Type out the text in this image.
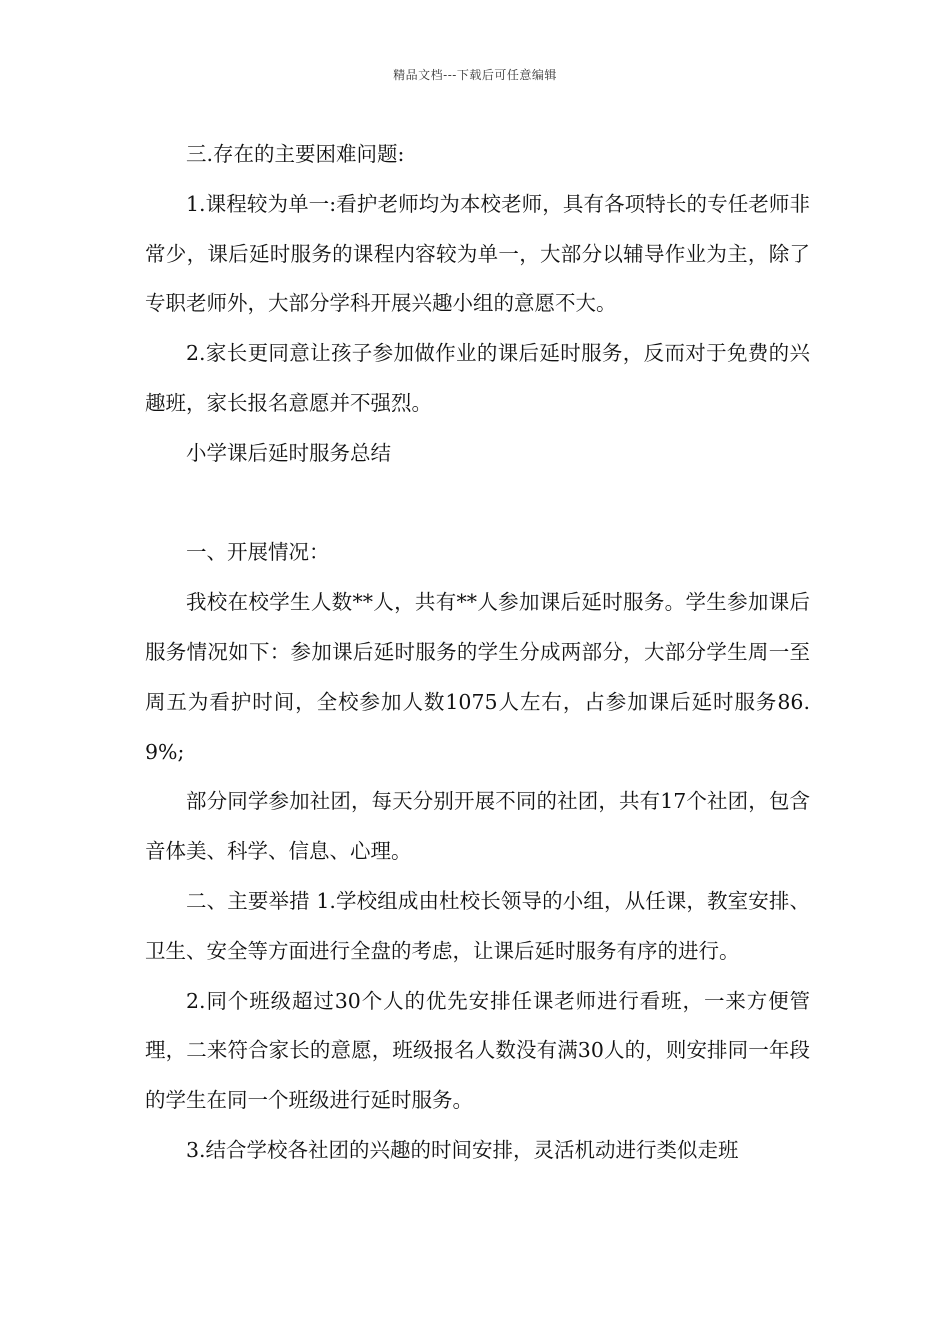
精品文档---下载后可任意编辑

三.存在的主要困难问题:

1.课程较为单一:看护老师均为本校老师，具有各项特长的专任老师非常少，课后延时服务的课程内容较为单一，大部分以辅导作业为主，除了专职老师外，大部分学科开展兴趣小组的意愿不大。

2.家长更同意让孩子参加做作业的课后延时服务，反而对于免费的兴趣班，家长报名意愿并不强烈。

小学课后延时服务总结

一、开展情况：

我校在校学生人数**人，共有**人参加课后延时服务。学生参加课后服务情况如下：参加课后延时服务的学生分成两部分，大部分学生周一至周五为看护时间，全校参加人数1075人左右，占参加课后延时服务86.9%;

部分同学参加社团，每天分别开展不同的社团，共有17个社团，包含音体美、科学、信息、心理。

二、主要举措 1.学校组成由杜校长领导的小组，从任课，教室安排、卫生、安全等方面进行全盘的考虑，让课后延时服务有序的进行。

2.同个班级超过30个人的优先安排任课老师进行看班，一来方便管理，二来符合家长的意愿，班级报名人数没有满30人的，则安排同一年段的学生在同一个班级进行延时服务。

3.结合学校各社团的兴趣的时间安排，灵活机动进行类似走班
